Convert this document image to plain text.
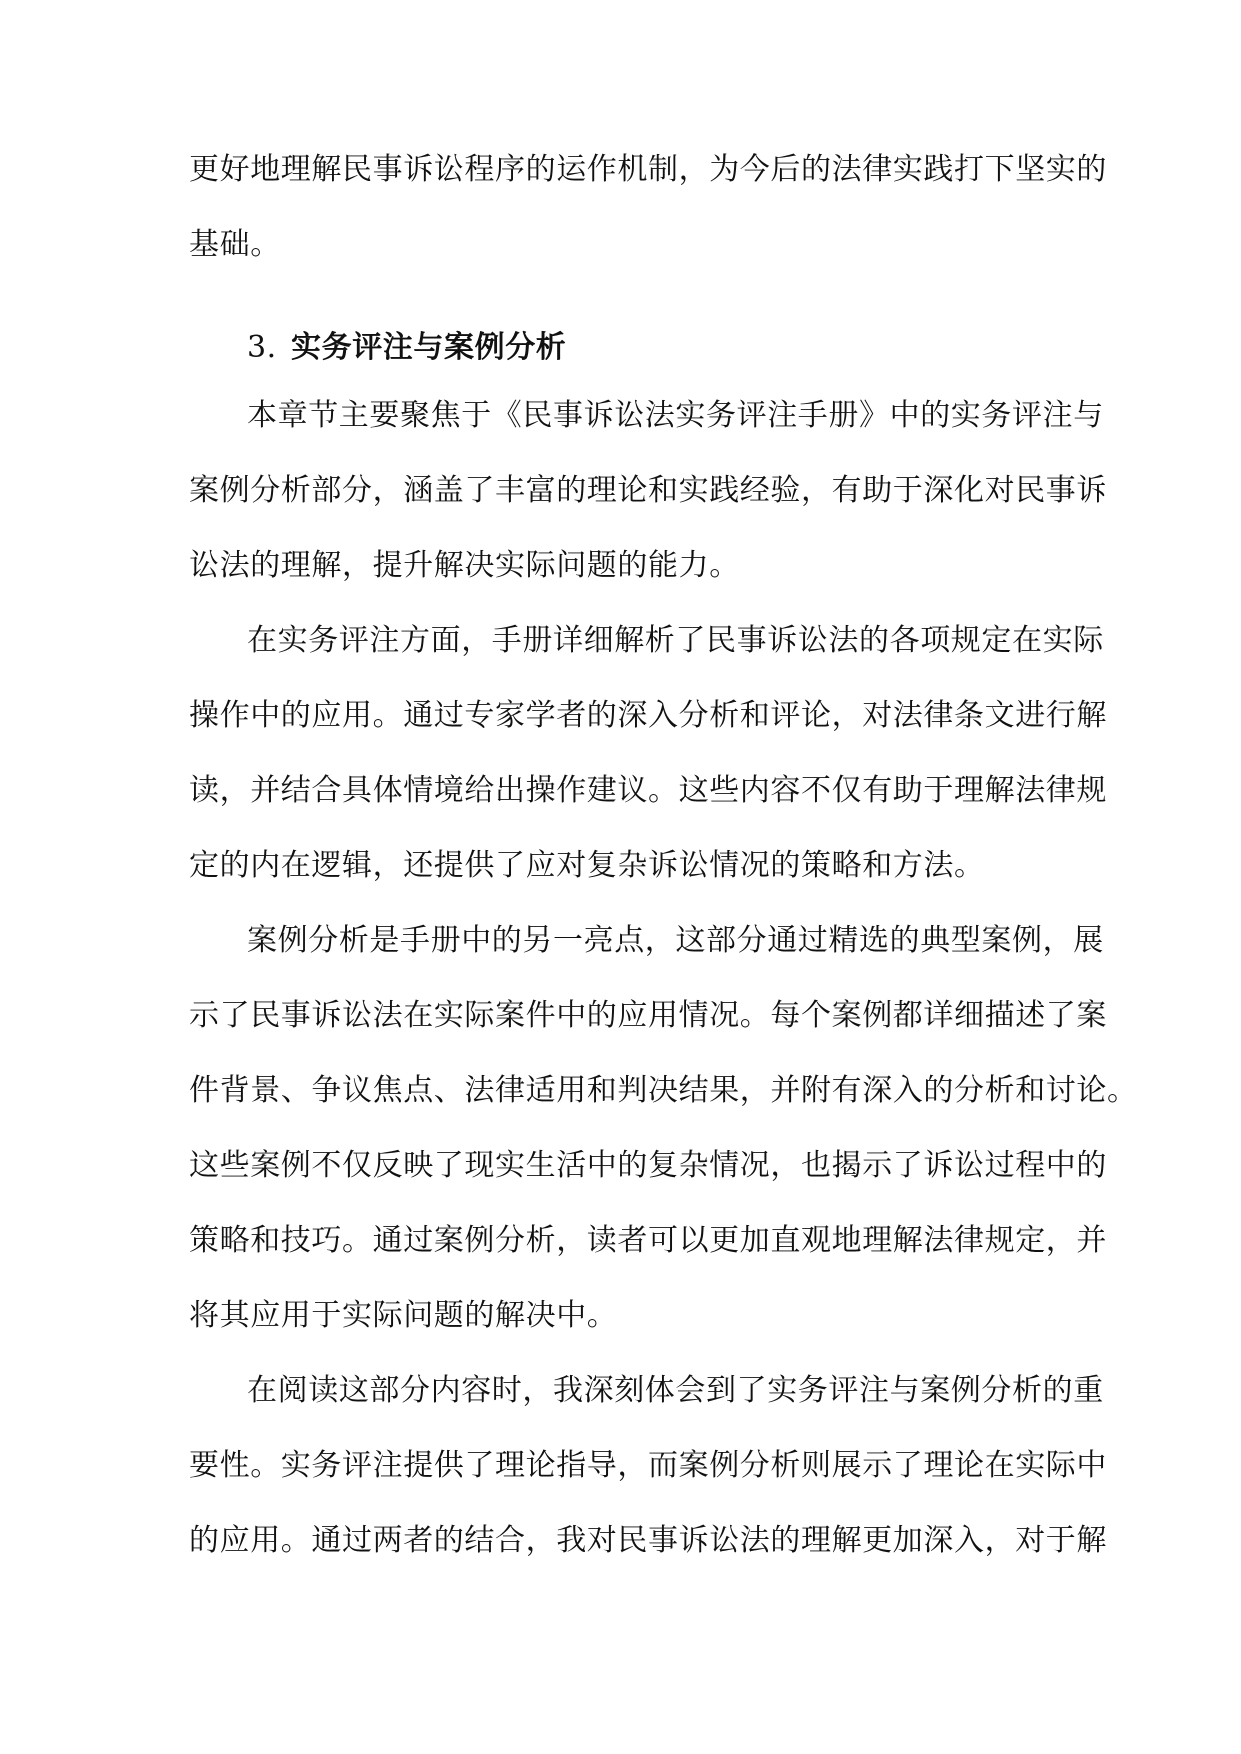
更好地理解民事诉讼程序的运作机制，为今后的法律实践打下坚实的
基础。
3. 实务评注与案例分析
本章节主要聚焦于《民事诉讼法实务评注手册》中的实务评注与
案例分析部分，涵盖了丰富的理论和实践经验，有助于深化对民事诉
讼法的理解，提升解决实际问题的能力。
在实务评注方面，手册详细解析了民事诉讼法的各项规定在实际
操作中的应用。通过专家学者的深入分析和评论，对法律条文进行解
读，并结合具体情境给出操作建议。这些内容不仅有助于理解法律规
定的内在逻辑，还提供了应对复杂诉讼情况的策略和方法。
案例分析是手册中的另一亮点，这部分通过精选的典型案例，展
示了民事诉讼法在实际案件中的应用情况。每个案例都详细描述了案
件背景、争议焦点、法律适用和判决结果，并附有深入的分析和讨论。
这些案例不仅反映了现实生活中的复杂情况，也揭示了诉讼过程中的
策略和技巧。通过案例分析，读者可以更加直观地理解法律规定，并
将其应用于实际问题的解决中。
在阅读这部分内容时，我深刻体会到了实务评注与案例分析的重
要性。实务评注提供了理论指导，而案例分析则展示了理论在实际中
的应用。通过两者的结合，我对民事诉讼法的理解更加深入，对于解
